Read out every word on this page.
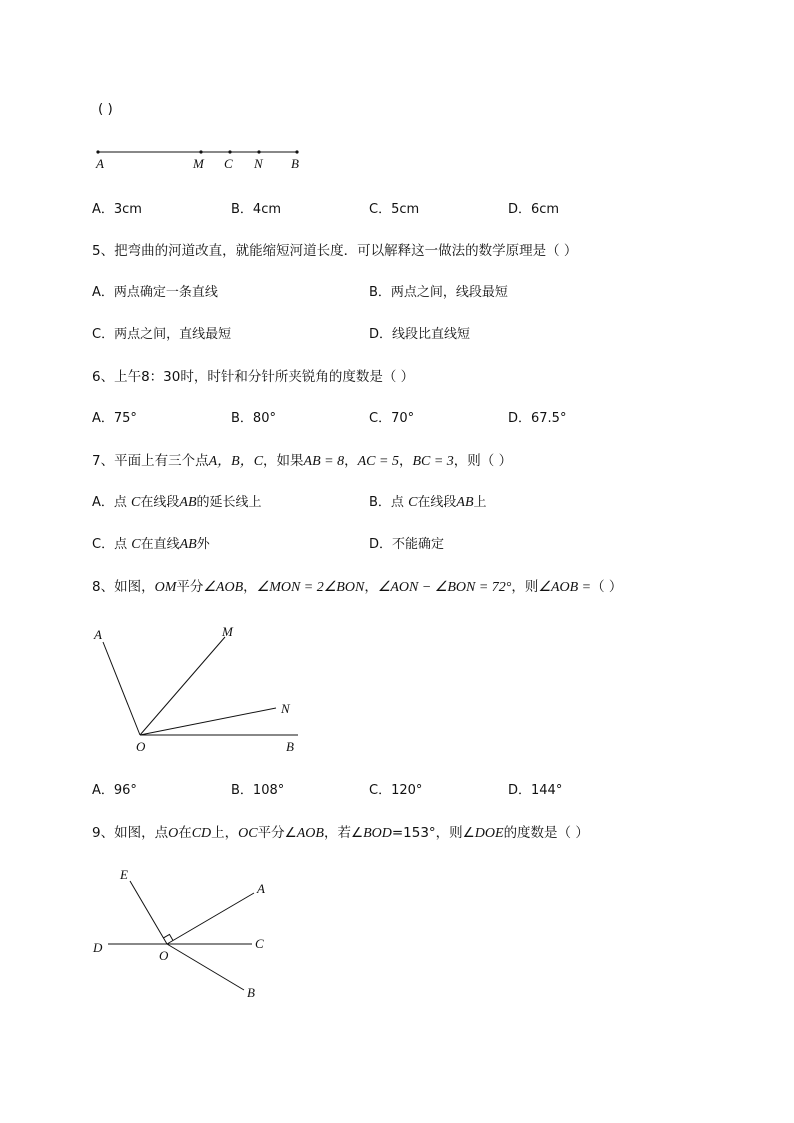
( )
A	M C N B
A．3cm	B．4cm	C．5cm	D．6cm
5、把弯曲的河道改直，就能缩短河道长度．可以解释这一做法的数学原理是（ ）
A．两点确定一条直线	B．两点之间，线段最短
C．两点之间，直线最短	D．线段比直线短
6、上午8：30时，时针和分针所夹锐角的度数是（ ）
A．75°	B．80°	C．70°	D．67.5°
7、平面上有三个点A，B，C，如果AB = 8，AC = 5，BC = 3，则（ ）
A．点 C在线段AB的延长线上	B．点 C在线段AB上
C．点 C在直线AB外	D．不能确定
8、如图，OM平分∠AOB，∠MON = 2∠BON，∠AON − ∠BON = 72°，则∠AOB =（ ）
A	M
N
O	B
A．96°	B．108°	C．120°	D．144°
9、如图，点O在CD上，OC平分∠AOB，若∠BOD=153°，则∠DOE的度数是（ ）
E
A
D
O
C
B
